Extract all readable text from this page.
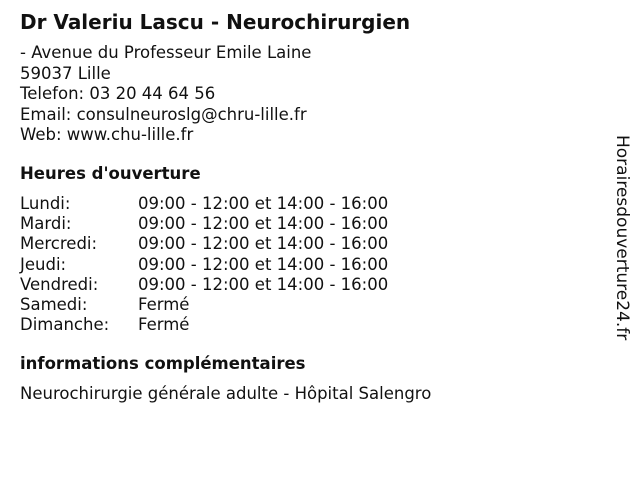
Dr Valeriu Lascu - Neurochirurgien
- Avenue du Professeur Emile Laine
59037 Lille
Telefon: 03 20 44 64 56
Email: consulneuroslg@chru-lille.fr
Web: www.chu-lille.fr
Heures d'ouverture
Lundi:	09:00 - 12:00 et 14:00 - 16:00
Mardi:	09:00 - 12:00 et 14:00 - 16:00
Mercredi:	09:00 - 12:00 et 14:00 - 16:00
Jeudi:	09:00 - 12:00 et 14:00 - 16:00
Vendredi:	09:00 - 12:00 et 14:00 - 16:00
Samedi:	Fermé
Dimanche:	Fermé
informations complémentaires
Neurochirurgie générale adulte - Hôpital Salengro
Horairesdouverture24.fr
